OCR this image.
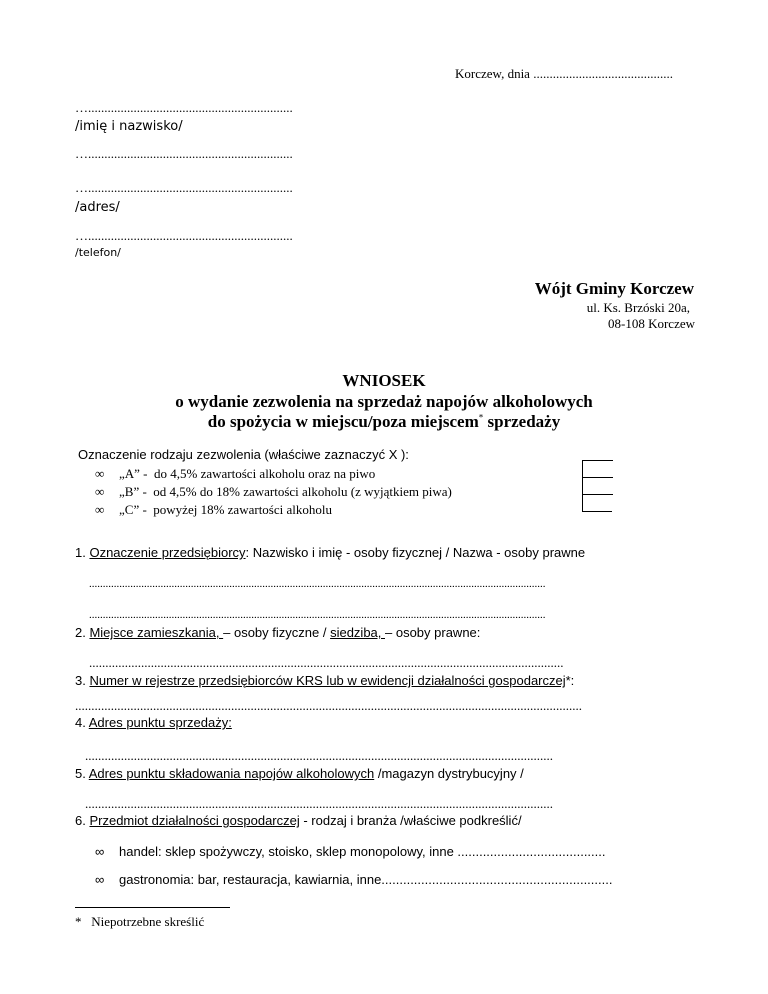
Korczew, dnia ...........................................
…...............................................................
/imię i nazwisko/
…...............................................................
…...............................................................
/adres/
…...............................................................
/telefon/
Wójt Gminy Korczew
ul. Ks. Brzóski 20a,
08-108 Korczew
WNIOSEK
o wydanie zezwolenia na sprzedaż napojów alkoholowych
do spożycia w miejscu/poza miejscem* sprzedaży
Oznaczenie rodzaju zezwolenia (właściwe zaznaczyć X ):
∞ „A” - do 4,5% zawartości alkoholu oraz na piwo
∞ „B” - od 4,5% do 18% zawartości alkoholu (z wyjątkiem piwa)
∞ „C” - powyżej 18% zawartości alkoholu
1. Oznaczenie przedsiębiorcy: Nazwisko i imię - osoby fizycznej / Nazwa - osoby prawne
......................................................................................................................................................................
......................................................................................................................................................................
2. Miejsce zamieszkania, – osoby fizyczne / siedziba, – osoby prawne:
..................................................................................................................................................
3. Numer w rejestrze przedsiębiorców KRS lub w ewidencji działalności gospodarczej*:
............................................................................................................................................................
4. Adres punktu sprzedaży:
................................................................................................................................................
5. Adres punktu składowania napojów alkoholowych /magazyn dystrybucyjny /
................................................................................................................................................
6. Przedmiot działalności gospodarczej - rodzaj i branża /właściwe podkreślić/
∞ handel: sklep spożywczy, stoisko, sklep monopolowy, inne .........................................
∞ gastronomia: bar, restauracja, kawiarnia, inne................................................................
* Niepotrzebne skreślić
